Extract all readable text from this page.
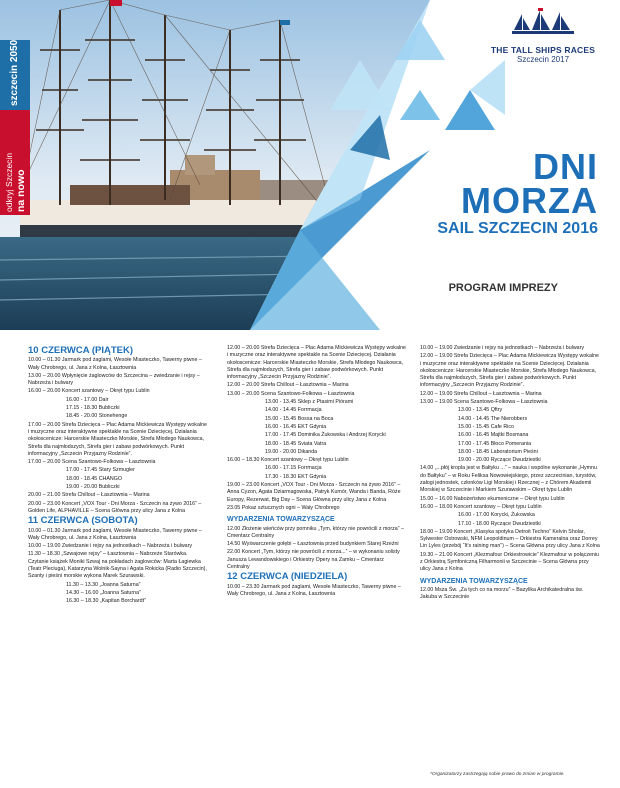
szczecin 2050
odkryj Szczecin na nowo
THE TALL SHIPS RACES
Szczecin 2017
DNI
MORZA
SAIL SZCZECIN 2016
PROGRAM IMPREZY
10 CZERWCA (PIĄTEK)
10.00 – 01.30 Jarmark pod żaglami, Wesołe Miasteczko, Tawerny piwne – Wały Chrobrego, ul. Jana z Kolna, Łasztownia
13.00 – 20.00 Wpłynięcie żaglowców do Szczecina – zwiedzanie i rejsy – Nabrzeża i bulwary
16.00 – 20.00 Koncert szantowy – Okręt typu Lublin
16.00 - 17.00 Dair
17.15 - 18.30 Bubliczki
18.45 - 20.00 Stonehenge
17.00 – 20.00 Strefa Dziecięca – Plac Adama Mickiewicza Występy wokalne i muzyczne oraz interaktywne spektakle na Scenie Dziecięcej. Działania okołoscenicze: Harcerskie Miasteczko Morskie, Strefa Młodego Naukowca, Strefa dla najmłodszych, Strefa gier i zabaw podwórkowych. Punkt informacyjny „Szczecin Przyjazny Rodzinie”.
17.00 – 20.00 Scena Szantowo-Folkowa – Łasztownia
17.00 - 17.45 Stary Szmugler
18.00 - 18.45 CHANGO
19.00 - 20.00 Bubliczki
20.00 – 21.00 Strefa Chillout – Łasztownia – Marina
20.00 – 23.00 Koncert „VOX Tour - Dni Morza - Szczecin na żywo 2016” – Golden Life, ALPHAVILLE – Scena Główna przy ulicy Jana z Kolna
11 CZERWCA (SOBOTA)
10.00 – 01.30 Jarmark pod żaglami, Wesołe Miasteczko, Tawerny piwne – Wały Chrobrego, ul. Jana z Kolna, Łasztownia
10.00 – 19.00 Zwiedzanie i rejsy na jednostkach – Nabrzeża i bulwary
11.30 – 18.30 „Szwajowe rejsy” – Łasztownia – Nabrzeże Starówka. Czytanie książek Moniki Szwaj na pokładach żaglowców: Marta Łagiewka (Teatr Pleciuga), Katarzyna Wolnik-Sayna i Agata Rokicka (Radio Szczecin), Szanty i pieśni morskie wykona Marek Szurawski.
11.30 – 13.30 „Joanna Saturna”
14.30 – 16.00 „Joanna Saturna”
16.30 – 18.30 „Kapitan Borchardt”
12.00 – 20.00 Strefa Dziecięca – Plac Adama Mickiewicza Występy wokalne i muzyczne oraz interaktywne spektakle na Scenie Dziecięcej. Działania okołoscenicze: Harcerskie Miasteczko Morskie, Strefa Młodego Naukowca, Strefa dla najmłodszych, Strefa gier i zabaw podwórkowych. Punkt informacyjny „Szczecin Przyjazny Rodzinie”.
12.00 – 20.00 Strefa Chillout – Łasztownia – Marina
13.00 – 20.00 Scena Szantowo-Folkowa – Łasztownia
13.00 - 13.45 Sklep z Ptasimi Piórami
14.00 - 14.45 Forrmacja
15.00 - 15.45 Bossa na Boca
16.00 - 16.45 EKT Gdynia
17.00 - 17.45 Dominika Żukowska i Andrzej Korycki
18.00 - 18.45 Sviata Vatra
19.00 - 20.00 Dikanda
16.00 – 18.30 Koncert szantowy – Okręt typu Lublin
16.00 - 17.15 Forrmacja
17.30 - 18.30 EKT Gdynia
19.00 – 23.00 Koncert „VOX Tour - Dni Morza - Szczecin na żywo 2016” – Anna Cyzon, Agata Dziarmagowska, Patryk Kumór, Wanda i Banda, Róże Europy, Rezerwat, Big Day – Scena Główna przy ulicy Jana z Kolna
23.05 Pokaz sztucznych ogni – Wały Chrobrego
WYDARZENIA TOWARZYSZĄCE
12.00 Złożenie wieńców przy pomniku „Tym, którzy nie powrócili z morza” – Cmentarz Centralny
14.50 Wyśwarczenie gołębi – Łasztownia przed budynkiem Starej Rzeźni
22.00 Koncert „Tym, którzy nie powrócili z morza...” – w wykonaniu solisty Janusza Lewandowskiego i Orkiestry Opery na Zamku – Cmentarz Centralny
12 CZERWCA (NIEDZIELA)
10.00 – 23.30 Jarmark pod żaglami, Wesołe Miasteczko, Tawerny piwne – Wały Chrobrego, ul. Jana z Kolna, Łasztownia
10.00 – 19.00 Zwiedzanie i rejsy na jednostkach – Nabrzeża i bulwary
12.00 – 19.00 Strefa Dziecięca – Plac Adama Mickiewicza Występy wokalne i muzyczne oraz interaktywne spektakle na Scenie Dziecięcej. Działania okołoscenicze: Harcerskie Miasteczko Morskie, Strefa Młodego Naukowca, Strefa dla najmłodszych, Strefa gier i zabaw podwórkowych. Punkt informacyjny „Szczecin Przyjazny Rodzinie”.
12.00 – 19.00 Strefa Chillout – Łasztownia – Marina
13.00 – 19.00 Scena Szantowo-Folkowa – Łasztownia
13.00 - 13.45 Qftry
14.00 - 14.45 The Nierobbers
15.00 - 15.45 Cafe Rico
16.00 - 16.45 Majtki Bosmana
17.00 - 17.45 Błoco Pomerania
18.00 - 18.45 Laboratorium Pieśni
19.00 - 20.00 Ryczące Dwudziestki
14.00 „...płój kropla jest w Bałtyku ...” – nauka i wspólne wykonanie „Hymnu do Bałtyku” – w Roku Feliksa Nowowiejskiego, przez szczecinian, turystów, załogi jednostek, członków Ligi Morskiej i Rzecznej – z Chórem Akademii Morskiej w Szczecinie i Markiem Szurawskim – Okręt typu Lublin
15.00 – 16.00 Nabożeństwo ekumeniczne – Okręt typu Lublin
16.00 – 18.00 Koncert szantowy – Okręt typu Lublin
16.00 - 17.00 Korycki, Żukowska
17.10 - 18.00 Ryczące Dwudziestki
18.00 – 19.00 Koncert „Klasyka spotyka Detroit Techno” Kelvin Sholar, Sylwester Ostrowski, NFM Leopoldinum – Orkiestra Kameralna oraz Dorrey Lin Lyles (przebój “It's raining man”) – Scena Główna przy ulicy Jana z Kolna
19.30 – 21.00 Koncert „Klezmafour Orkiestrowicie” Klezmafour w połączeniu z Orkiestrą Symfoniczną Filharmonii w Szczecinie – Scena Główna przy ulicy Jana z Kolna
WYDARZENIA TOWARZYSZĄCE
12.00 Msza Św. „Za tych co na morzu” – Bazylika Archikatedralna św. Jakuba w Szczecinie
*Organizatorzy zastrzegają sobie prawo do zmian w programie.
